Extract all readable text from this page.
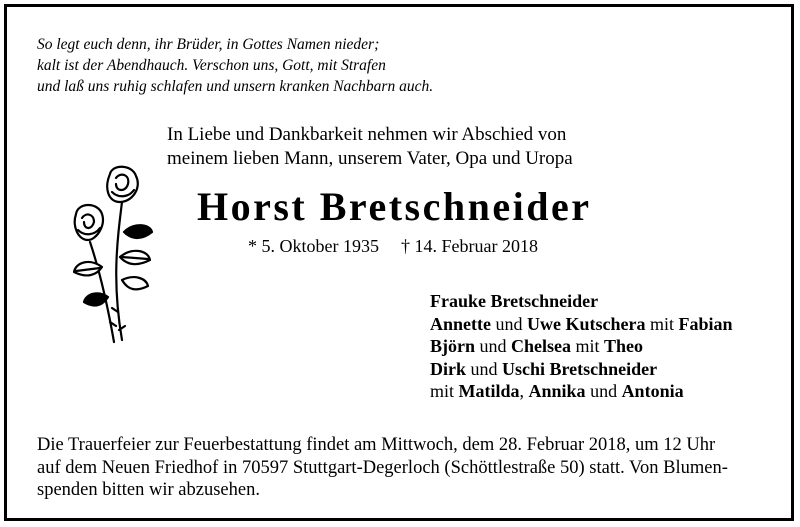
So legt euch denn, ihr Brüder, in Gottes Namen nieder;
kalt ist der Abendhauch. Verschon uns, Gott, mit Strafen
und laß uns ruhig schlafen und unsern kranken Nachbarn auch.
In Liebe und Dankbarkeit nehmen wir Abschied von
meinem lieben Mann, unserem Vater, Opa und Uropa
Horst Bretschneider
* 5. Oktober 1935 † 14. Februar 2018
Frauke Bretschneider
Annette und Uwe Kutschera mit Fabian
Björn und Chelsea mit Theo
Dirk und Uschi Bretschneider
mit Matilda, Annika und Antonia
Die Trauerfeier zur Feuerbestattung findet am Mittwoch, dem 28. Februar 2018, um 12 Uhr
auf dem Neuen Friedhof in 70597 Stuttgart-Degerloch (Schöttlestraße 50) statt. Von Blumen-
spenden bitten wir abzusehen.
